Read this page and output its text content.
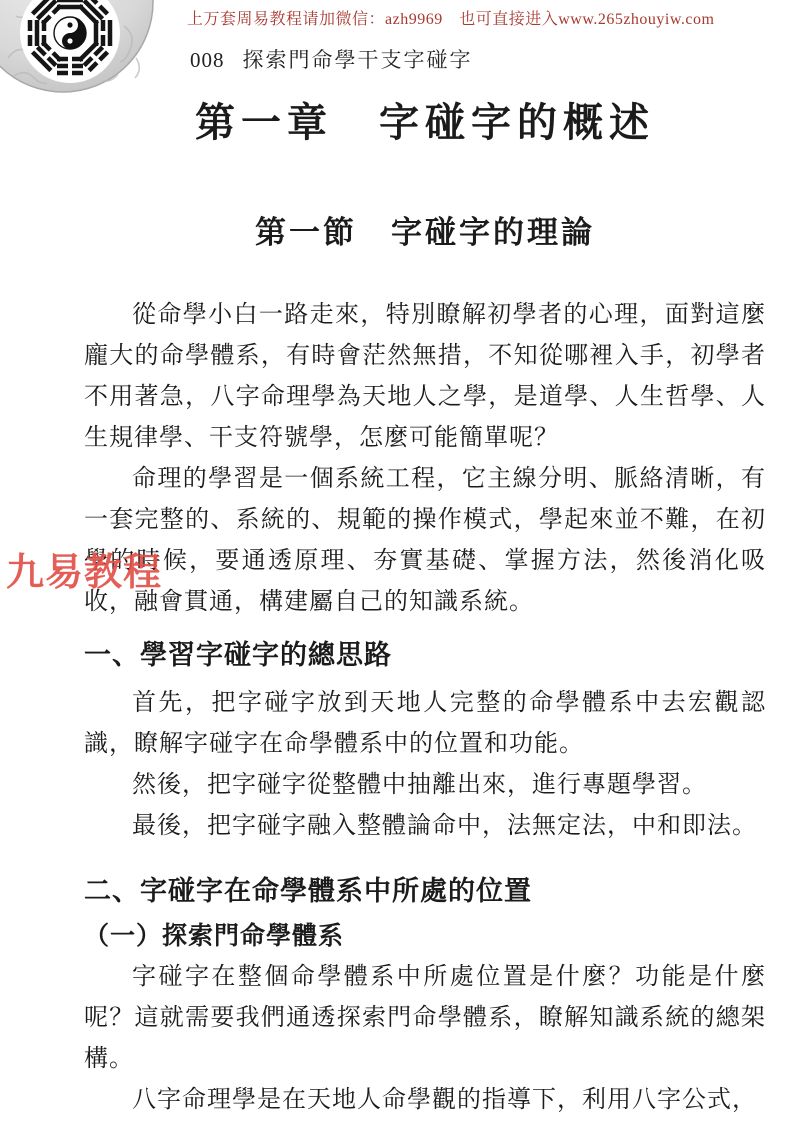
上万套周易教程请加微信：azh9969　也可直接进入www.265zhouyiw.com
008 探索門命學干支字碰字
第一章　字碰字的概述
第一節　字碰字的理論

從命學小白一路走來，特別瞭解初學者的心理，面對這麼龐大的命學體系，有時會茫然無措，不知從哪裡入手，初學者不用著急，八字命理學為天地人之學，是道學、人生哲學、人生規律學、干支符號學，怎麼可能簡單呢？

命理的學習是一個系統工程，它主線分明、脈絡清晰，有一套完整的、系統的、規範的操作模式，學起來並不難，在初學的時候，要通透原理、夯實基礎、掌握方法，然後消化吸收，融會貫通，構建屬自己的知識系統。

一、學習字碰字的總思路

首先，把字碰字放到天地人完整的命學體系中去宏觀認識，瞭解字碰字在命學體系中的位置和功能。

然後，把字碰字從整體中抽離出來，進行專題學習。

最後，把字碰字融入整體論命中，法無定法，中和即法。

二、字碰字在命學體系中所處的位置
（一）探索門命學體系

字碰字在整個命學體系中所處位置是什麼？功能是什麼呢？這就需要我們通透探索門命學體系，瞭解知識系統的總架構。

八字命理學是在天地人命學觀的指導下，利用八字公式，

九易教程
